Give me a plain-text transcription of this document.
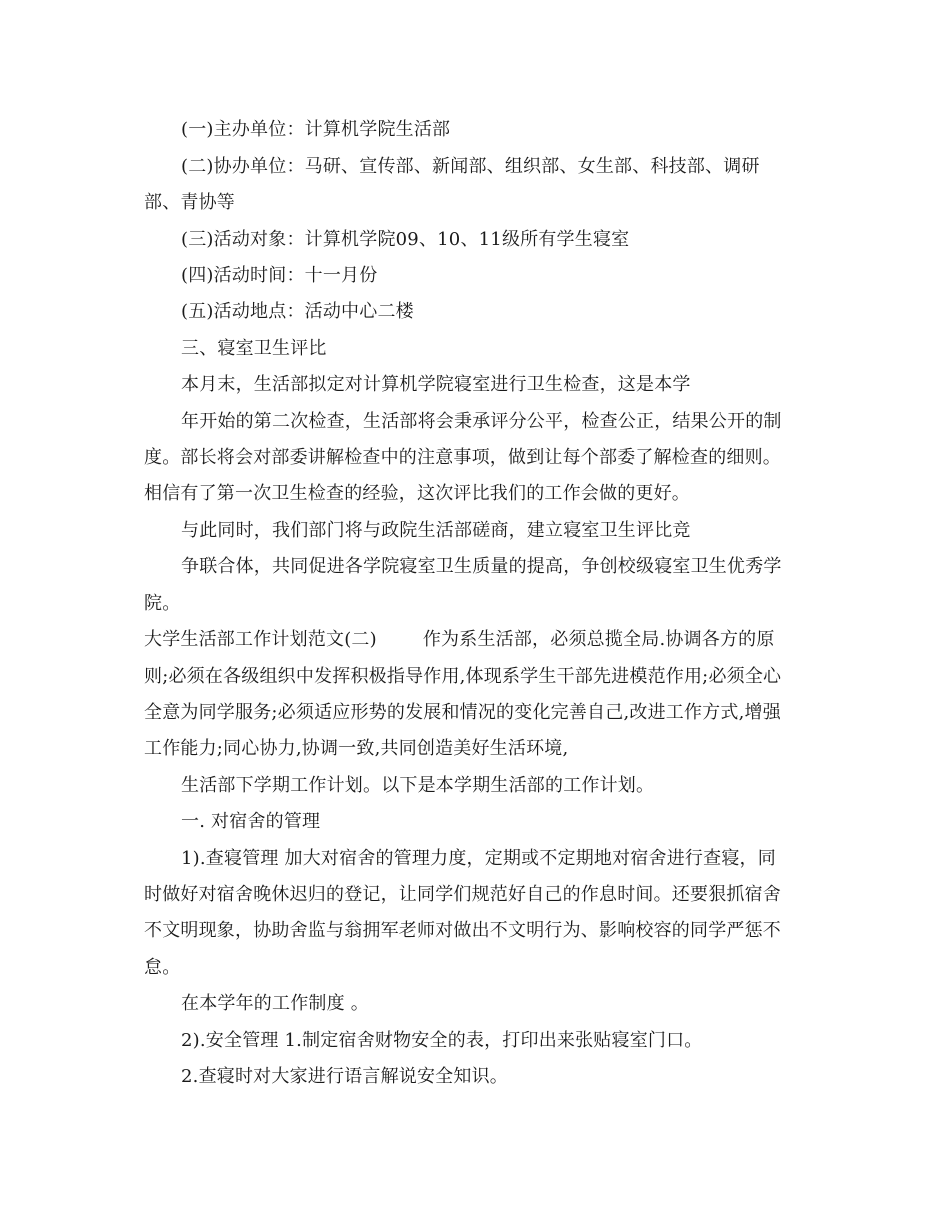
(一)主办单位：计算机学院生活部
(二)协办单位：马研、宣传部、新闻部、组织部、女生部、科技部、调研
部、青协等
(三)活动对象：计算机学院09、10、11级所有学生寝室
(四)活动时间：十一月份
(五)活动地点：活动中心二楼
三、寝室卫生评比
本月末，生活部拟定对计算机学院寝室进行卫生检查，这是本学
年开始的第二次检查，生活部将会秉承评分公平，检查公正，结果公开的制
度。部长将会对部委讲解检查中的注意事项，做到让每个部委了解检查的细则。
相信有了第一次卫生检查的经验，这次评比我们的工作会做的更好。
与此同时，我们部门将与政院生活部磋商，建立寝室卫生评比竞
争联合体，共同促进各学院寝室卫生质量的提高，争创校级寝室卫生优秀学
院。
大学生活部工作计划范文(二)	作为系生活部，必须总揽全局.协调各方的原
则;必须在各级组织中发挥积极指导作用,体现系学生干部先进模范作用;必须全心
全意为同学服务;必须适应形势的发展和情况的变化完善自己,改进工作方式,增强
工作能力;同心协力,协调一致,共同创造美好生活环境,
生活部下学期工作计划。以下是本学期生活部的工作计划。
一. 对宿舍的管理
1).查寝管理 加大对宿舍的管理力度，定期或不定期地对宿舍进行查寝，同
时做好对宿舍晚休迟归的登记，让同学们规范好自己的作息时间。还要狠抓宿舍
不文明现象，协助舍监与翁拥军老师对做出不文明行为、影响校容的同学严惩不
怠。
在本学年的工作制度 。
2).安全管理 1.制定宿舍财物安全的表，打印出来张贴寝室门口。
2.查寝时对大家进行语言解说安全知识。
